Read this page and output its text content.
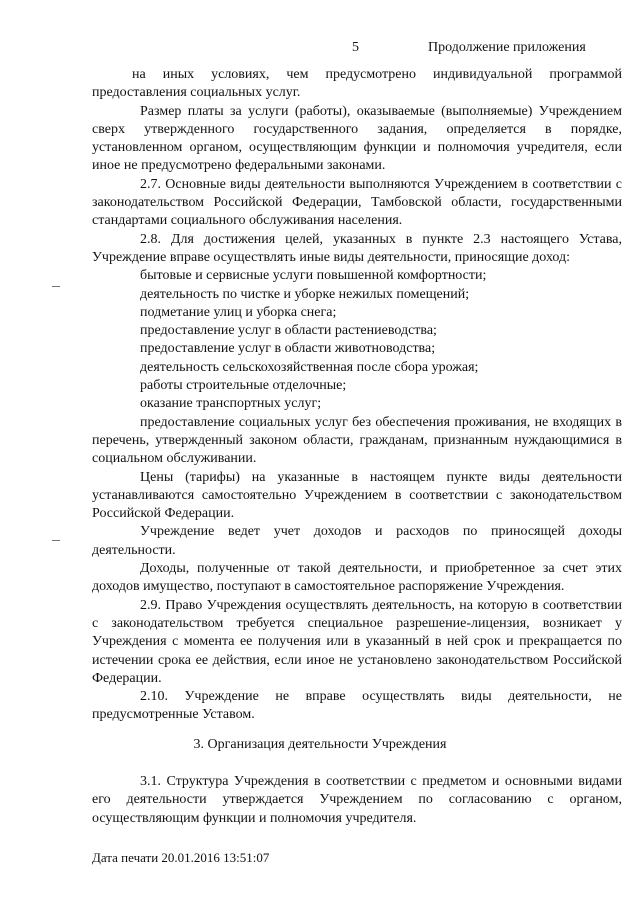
5	Продолжение приложения

на иных условиях, чем предусмотрено индивидуальной программой предоставления социальных услуг.

Размер платы за услуги (работы), оказываемые (выполняемые) Учреждением сверх утвержденного государственного задания, определяется в порядке, установленном органом, осуществляющим функции и полномочия учредителя, если иное не предусмотрено федеральными законами.

2.7. Основные виды деятельности выполняются Учреждением в соответствии с законодательством Российской Федерации, Тамбовской области, государственными стандартами социального обслуживания населения.

2.8. Для достижения целей, указанных в пункте 2.3 настоящего Устава, Учреждение вправе осуществлять иные виды деятельности, приносящие доход:

бытовые и сервисные услуги повышенной комфортности;
деятельность по чистке и уборке нежилых помещений;
подметание улиц и уборка снега;
предоставление услуг в области растениеводства;
предоставление услуг в области животноводства;
деятельность сельскохозяйственная после сбора урожая;
работы строительные отделочные;
оказание транспортных услуг;

предоставление социальных услуг без обеспечения проживания, не входящих в перечень, утвержденный законом области, гражданам, признанным нуждающимися в социальном обслуживании.

Цены (тарифы) на указанные в настоящем пункте виды деятельности устанавливаются самостоятельно Учреждением в соответствии с законодательством Российской Федерации.

Учреждение ведет учет доходов и расходов по приносящей доходы деятельности.

Доходы, полученные от такой деятельности, и приобретенное за счет этих доходов имущество, поступают в самостоятельное распоряжение Учреждения.

2.9. Право Учреждения осуществлять деятельность, на которую в соответствии с законодательством требуется специальное разрешение-лицензия, возникает у Учреждения с момента ее получения или в указанный в ней срок и прекращается по истечении срока ее действия, если иное не установлено законодательством Российской Федерации.

2.10. Учреждение не вправе осуществлять виды деятельности, не предусмотренные Уставом.

3. Организация деятельности Учреждения

3.1. Структура Учреждения в соответствии с предметом и основными видами его деятельности утверждается Учреждением по согласованию с органом, осуществляющим функции и полномочия учредителя.

Дата печати 20.01.2016 13:51:07
